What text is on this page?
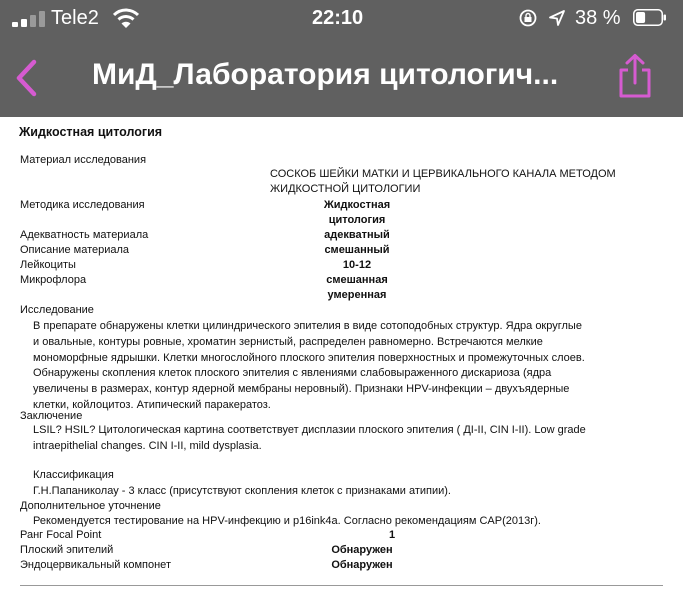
Tele2	22:10	38 %
МиД_Лаборатория цитологич...
Жидкостная цитология
Материал исследования
СОСКОБ ШЕЙКИ МАТКИ И ЦЕРВИКАЛЬНОГО КАНАЛА МЕТОДОМ
ЖИДКОСТНОЙ ЦИТОЛОГИИ
Методика исследования	Жидкостная
цитология
Адекватность материала	адекватный
Описание материала	смешанный
Лейкоциты	10-12
Микрофлора	смешанная
умеренная
Исследование
В препарате обнаружены клетки цилиндрического эпителия в виде сотоподобных структур. Ядра округлые
и овальные, контуры ровные, хроматин зернистый, распределен равномерно. Встречаются мелкие
мономорфные ядрышки. Клетки многослойного плоского эпителия поверхностных и промежуточных слоев.
Обнаружены скопления клеток плоского эпителия с явлениями слабовыраженного дискариоза (ядра
увеличены в размерах, контур ядерной мембраны неровный). Признаки HPV-инфекции – двухъядерные
клетки, койлоцитоз. Атипический паракератоз.
Заключение
LSIL? HSIL? Цитологическая картина соответствует дисплазии плоского эпителия ( ДI-II, CIN I-II). Low grade
intraepithelial changes. CIN I-II, mild dysplasia.
Классификация
Г.Н.Папаниколау - 3 класс (присутствуют скопления клеток с признаками атипии).
Дополнительное уточнение
Рекомендуется тестирование на HPV-инфекцию и p16ink4a. Согласно рекомендациям CAP(2013г).
Ранг Focal Point	1
Плоский эпителий	Обнаружен
Эндоцервикальный компонет	Обнаружен
